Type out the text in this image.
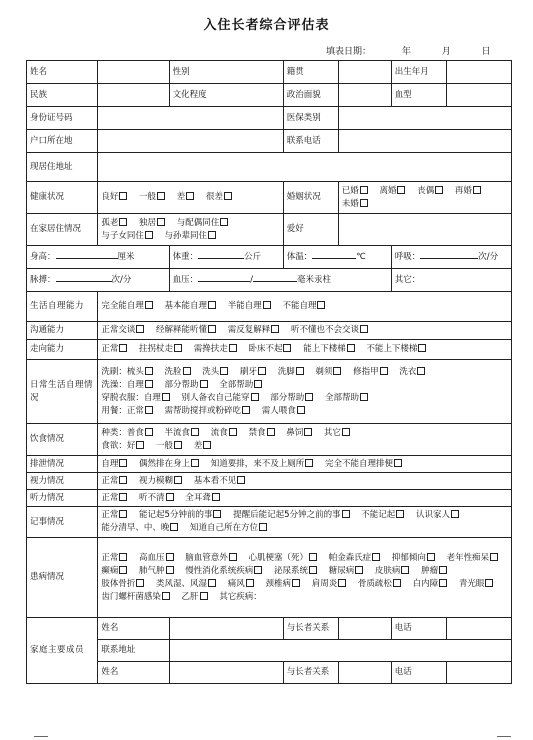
入住长者综合评估表
填表日期：	年	月	日
姓名		性别	籍贯		出生年月	
民族		文化程度	政治面貌		血型	
身份证号码			医保类别			
户口所在地			联系电话			
现居住地址						
健康状况	良好 一般 差 很差		婚姻状况	已婚 离婚 丧偶 再婚 未婚		
在家居住情况	孤老 独居 与配偶同住 与子女同住 与孙辈同住		爱好			
身高： 厘米		体重： 公斤	体温： ℃		呼吸： 次/分	
脉搏： 次/分		血压： / 毫米汞柱			其它：	
生活自理能力	完全能自理 基本能自理 半能自理 不能自理					
沟通能力	正常交谈 经解释能听懂 需反复解释 听不懂也不会交谈					
走向能力	正常 拄拐杖走 需搀扶走 卧床不起 能上下楼梯 不能上下楼梯					
日常生活自理情况	洗刷：梳头 洗脸 洗头 刷牙 洗脚 剃须 修指甲 洗衣
洗澡：自理 部分帮助 全部帮助
穿脱衣服：自理 别人备衣自己能穿 部分帮助 全部帮助
用餐：正常 需帮助搅拌或粉碎吃 需人喂食					

饮食情况	种类：普食 半流食 流食 禁食 鼻饲 其它
食欲：好 一般 差					

排泄情况	自理 偶然排在身上 知道要排，来不及上厕所 完全不能自理排便					
视力情况	正常 视力模糊 基本看不见					
听力情况	正常 听不清 全耳聋					
记事情况	正常 能记起5分钟前的事 提醒后能记起5分钟之前的事 不能记起 认识家人 能分清早、中、晚 知道自己所在方位					
患病情况	正常 高血压 脑血管意外 心肌梗塞（死） 帕金森氏症 抑郁倾向 老年性痴呆 癫痫 肺气肿 慢性消化系统疾病 泌尿系统 糖尿病 皮肤病 肿瘤 肢体骨折 类风湿、风湿 痛风 颈椎病 肩周炎 骨质疏松 白内障 青光眼 齿门螺杆菌感染 乙肝 其它疾病：					
家庭主要成员	姓名		与长者关系		电话	
	联系地址					
	姓名		与长者关系		电话	
